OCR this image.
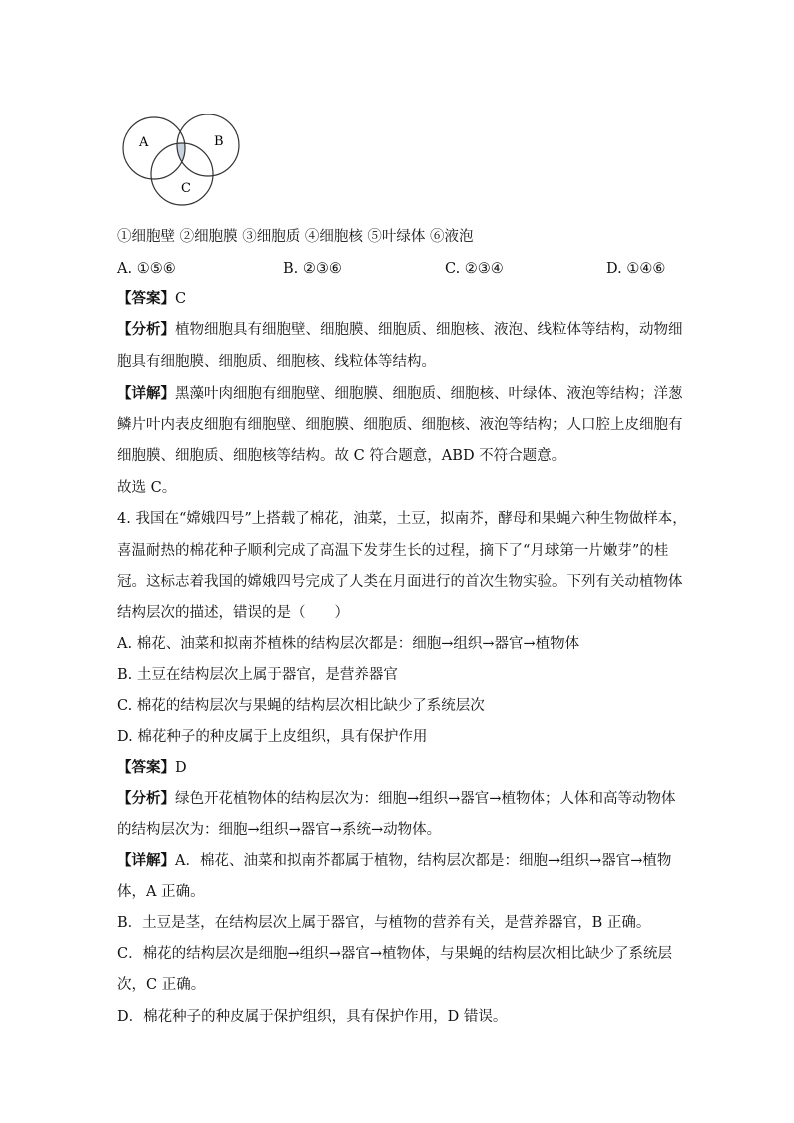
A	B
C
①细胞壁 ②细胞膜 ③细胞质 ④细胞核 ⑤叶绿体 ⑥液泡
A. ①⑤⑥	B. ②③⑥	C. ②③④	D. ①④⑥
【答案】C
【分析】植物细胞具有细胞壁、细胞膜、细胞质、细胞核、液泡、线粒体等结构，动物细
胞具有细胞膜、细胞质、细胞核、线粒体等结构。
【详解】黑藻叶肉细胞有细胞壁、细胞膜、细胞质、细胞核、叶绿体、液泡等结构；洋葱
鳞片叶内表皮细胞有细胞壁、细胞膜、细胞质、细胞核、液泡等结构；人口腔上皮细胞有
细胞膜、细胞质、细胞核等结构。故 C 符合题意，ABD 不符合题意。
故选 C。
4. 我国在“嫦娥四号”上搭载了棉花，油菜，土豆，拟南芥，酵母和果蝇六种生物做样本，
喜温耐热的棉花种子顺利完成了高温下发芽生长的过程，摘下了“月球第一片嫩芽”的桂
冠。这标志着我国的嫦娥四号完成了人类在月面进行的首次生物实验。下列有关动植物体
结构层次的描述，错误的是（　　）
A. 棉花、油菜和拟南芥植株的结构层次都是：细胞→组织→器官→植物体
B. 土豆在结构层次上属于器官，是营养器官
C. 棉花的结构层次与果蝇的结构层次相比缺少了系统层次
D. 棉花种子的种皮属于上皮组织，具有保护作用
【答案】D
【分析】绿色开花植物体的结构层次为：细胞→组织→器官→植物体；人体和高等动物体
的结构层次为：细胞→组织→器官→系统→动物体。
【详解】A．棉花、油菜和拟南芥都属于植物，结构层次都是：细胞→组织→器官→植物
体，A 正确。
B．土豆是茎，在结构层次上属于器官，与植物的营养有关，是营养器官，B 正确。
C．棉花的结构层次是细胞→组织→器官→植物体，与果蝇的结构层次相比缺少了系统层
次，C 正确。
D．棉花种子的种皮属于保护组织，具有保护作用，D 错误。
